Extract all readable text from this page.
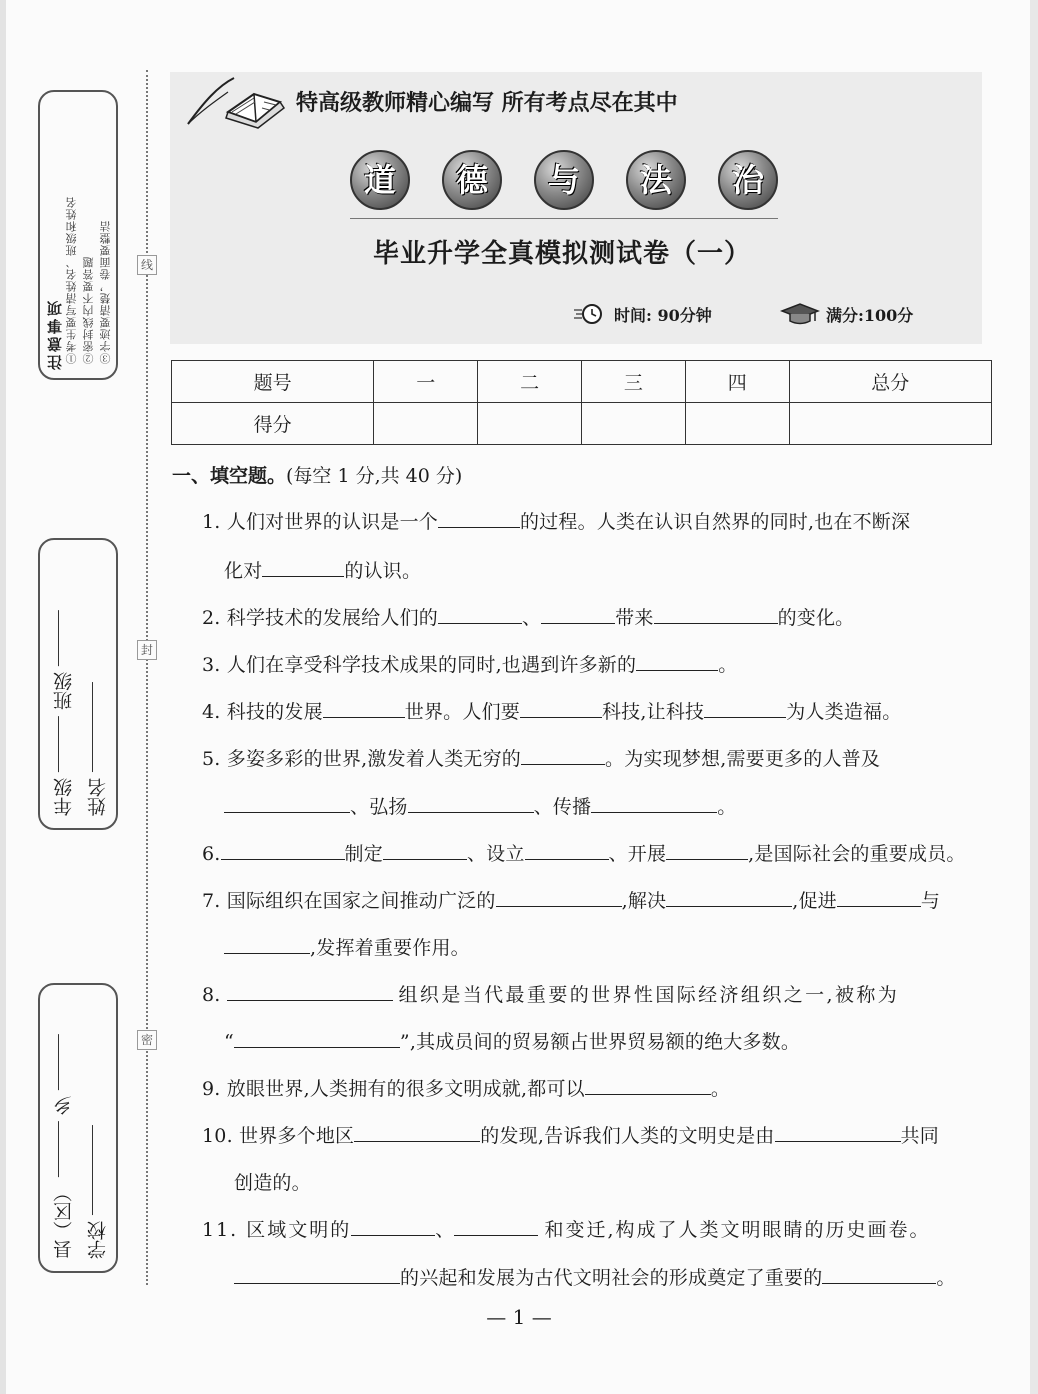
线
封
密
注意事项 ①考生要写清姓名、班级和姓名 ②密封线内不要答题 ③字迹要清楚，卷面要整洁
年级  班级
姓名
县（区）  乡
学校
特高级教师精心编写 所有考点尽在其中
道	德	与	法	治
毕业升学全真模拟测试卷（一）
时间: 90分钟	满分:100分
题号	一	二	三	四	总分
得分					
一、填空题。(每空 1 分,共 40 分)
1. 人们对世界的认识是一个	的过程。人类在认识自然界的同时,也在不断深
化对	的认识。
2. 科学技术的发展给人们的	、	带来	的变化。
3. 人们在享受科学技术成果的同时,也遇到许多新的	。
4. 科技的发展	世界。人们要	科技,让科技	为人类造福。
5. 多姿多彩的世界,激发着人类无穷的	。为实现梦想,需要更多的人普及
、弘扬	、传播	。
6.	制定	、设立	、开展	,是国际社会的重要成员。
7. 国际组织在国家之间推动广泛的	,解决	,促进	与
,发挥着重要作用。
8.	组织是当代最重要的世界性国际经济组织之一,被称为
“	”,其成员间的贸易额占世界贸易额的绝大多数。
9. 放眼世界,人类拥有的很多文明成就,都可以	。
10. 世界多个地区	的发现,告诉我们人类的文明史是由	共同
创造的。
11. 区域文明的	、	和变迁,构成了人类文明眼睛的历史画卷。
的兴起和发展为古代文明社会的形成奠定了重要的	。
— 1 —
